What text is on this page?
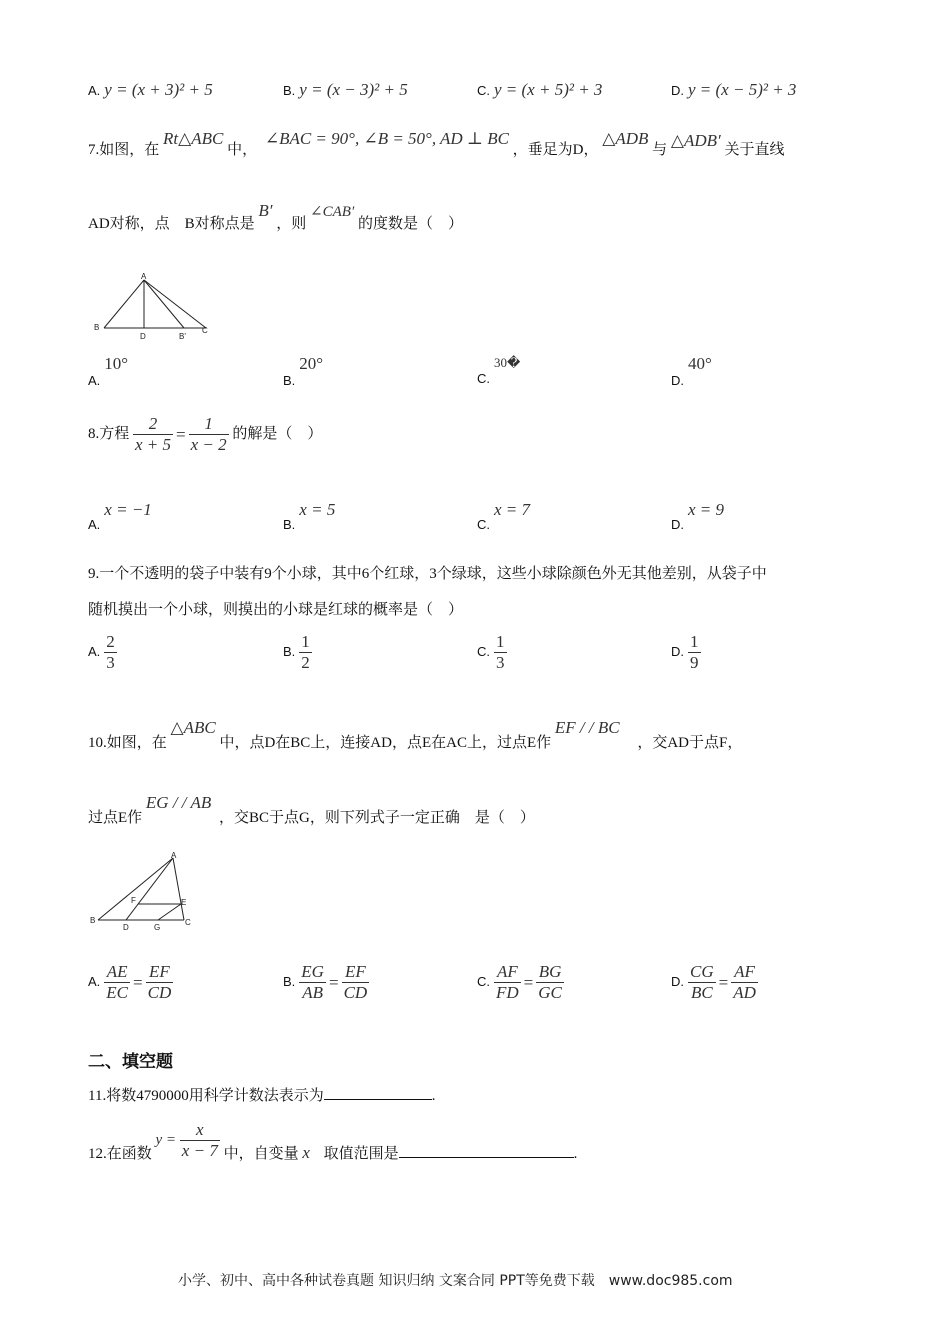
A. y = (x + 3)² + 5	B. y = (x − 3)² + 5	C. y = (x + 5)² + 3	D. y = (x − 5)² + 3
7.如图，在 Rt△ABC 中， ∠BAC = 90°, ∠B = 50°, AD ⊥ BC ，垂足为D， △ADB 与 △ADB′ 关于直线
AD对称，点　B对称点是 B′ ，则 ∠CAB′ 的度数是（　）
A
B	C
D	B'
$_{A.}$ 10°
$_{B.}$ 20°
$_{C.}$ 30�
$_{D.}$ 40°
8.方程 $\frac{2}{x + 5} = \frac{1}{x - 2}$ 的解是（　）
$_{A.}$ x = −1
$_{B.}$ x = 5
$_{C.}$ x = 7
$_{D.}$ x = 9
9.一个不透明的袋子中装有9个小球，其中6个红球，3个绿球，这些小球除颜色外无其他差别，从袋子中
随机摸出一个小球，则摸出的小球是红球的概率是（　）
A. $\frac{2}{3}$	B. $\frac{1}{2}$	C. $\frac{1}{3}$	D. $\frac{1}{9}$
10.如图，在 △ABC 中，点D在BC上，连接AD，点E在AC上，过点E作 EF / / BC ，交AD于点F，
过点E作 EG / / AB ，交BC于点G，则下列式子一定正确　是（　）
A
B	C
D
E
F
G
A. $\frac{AE}{EC} = \frac{EF}{CD}$	B. $\frac{EG}{AB} = \frac{EF}{CD}$	C. $\frac{AF}{FD} = \frac{BG}{GC}$	D. $\frac{CG}{BC} = \frac{AF}{AD}$
二、填空题
11.将数4790000用科学计数法表示为	.
12.在函数 $y = \frac{x}{x - 7}$ 中，自变量 x 取值范围是	.
小学、初中、高中各种试卷真题 知识归纳 文案合同 PPT等免费下载　www.doc985.com
